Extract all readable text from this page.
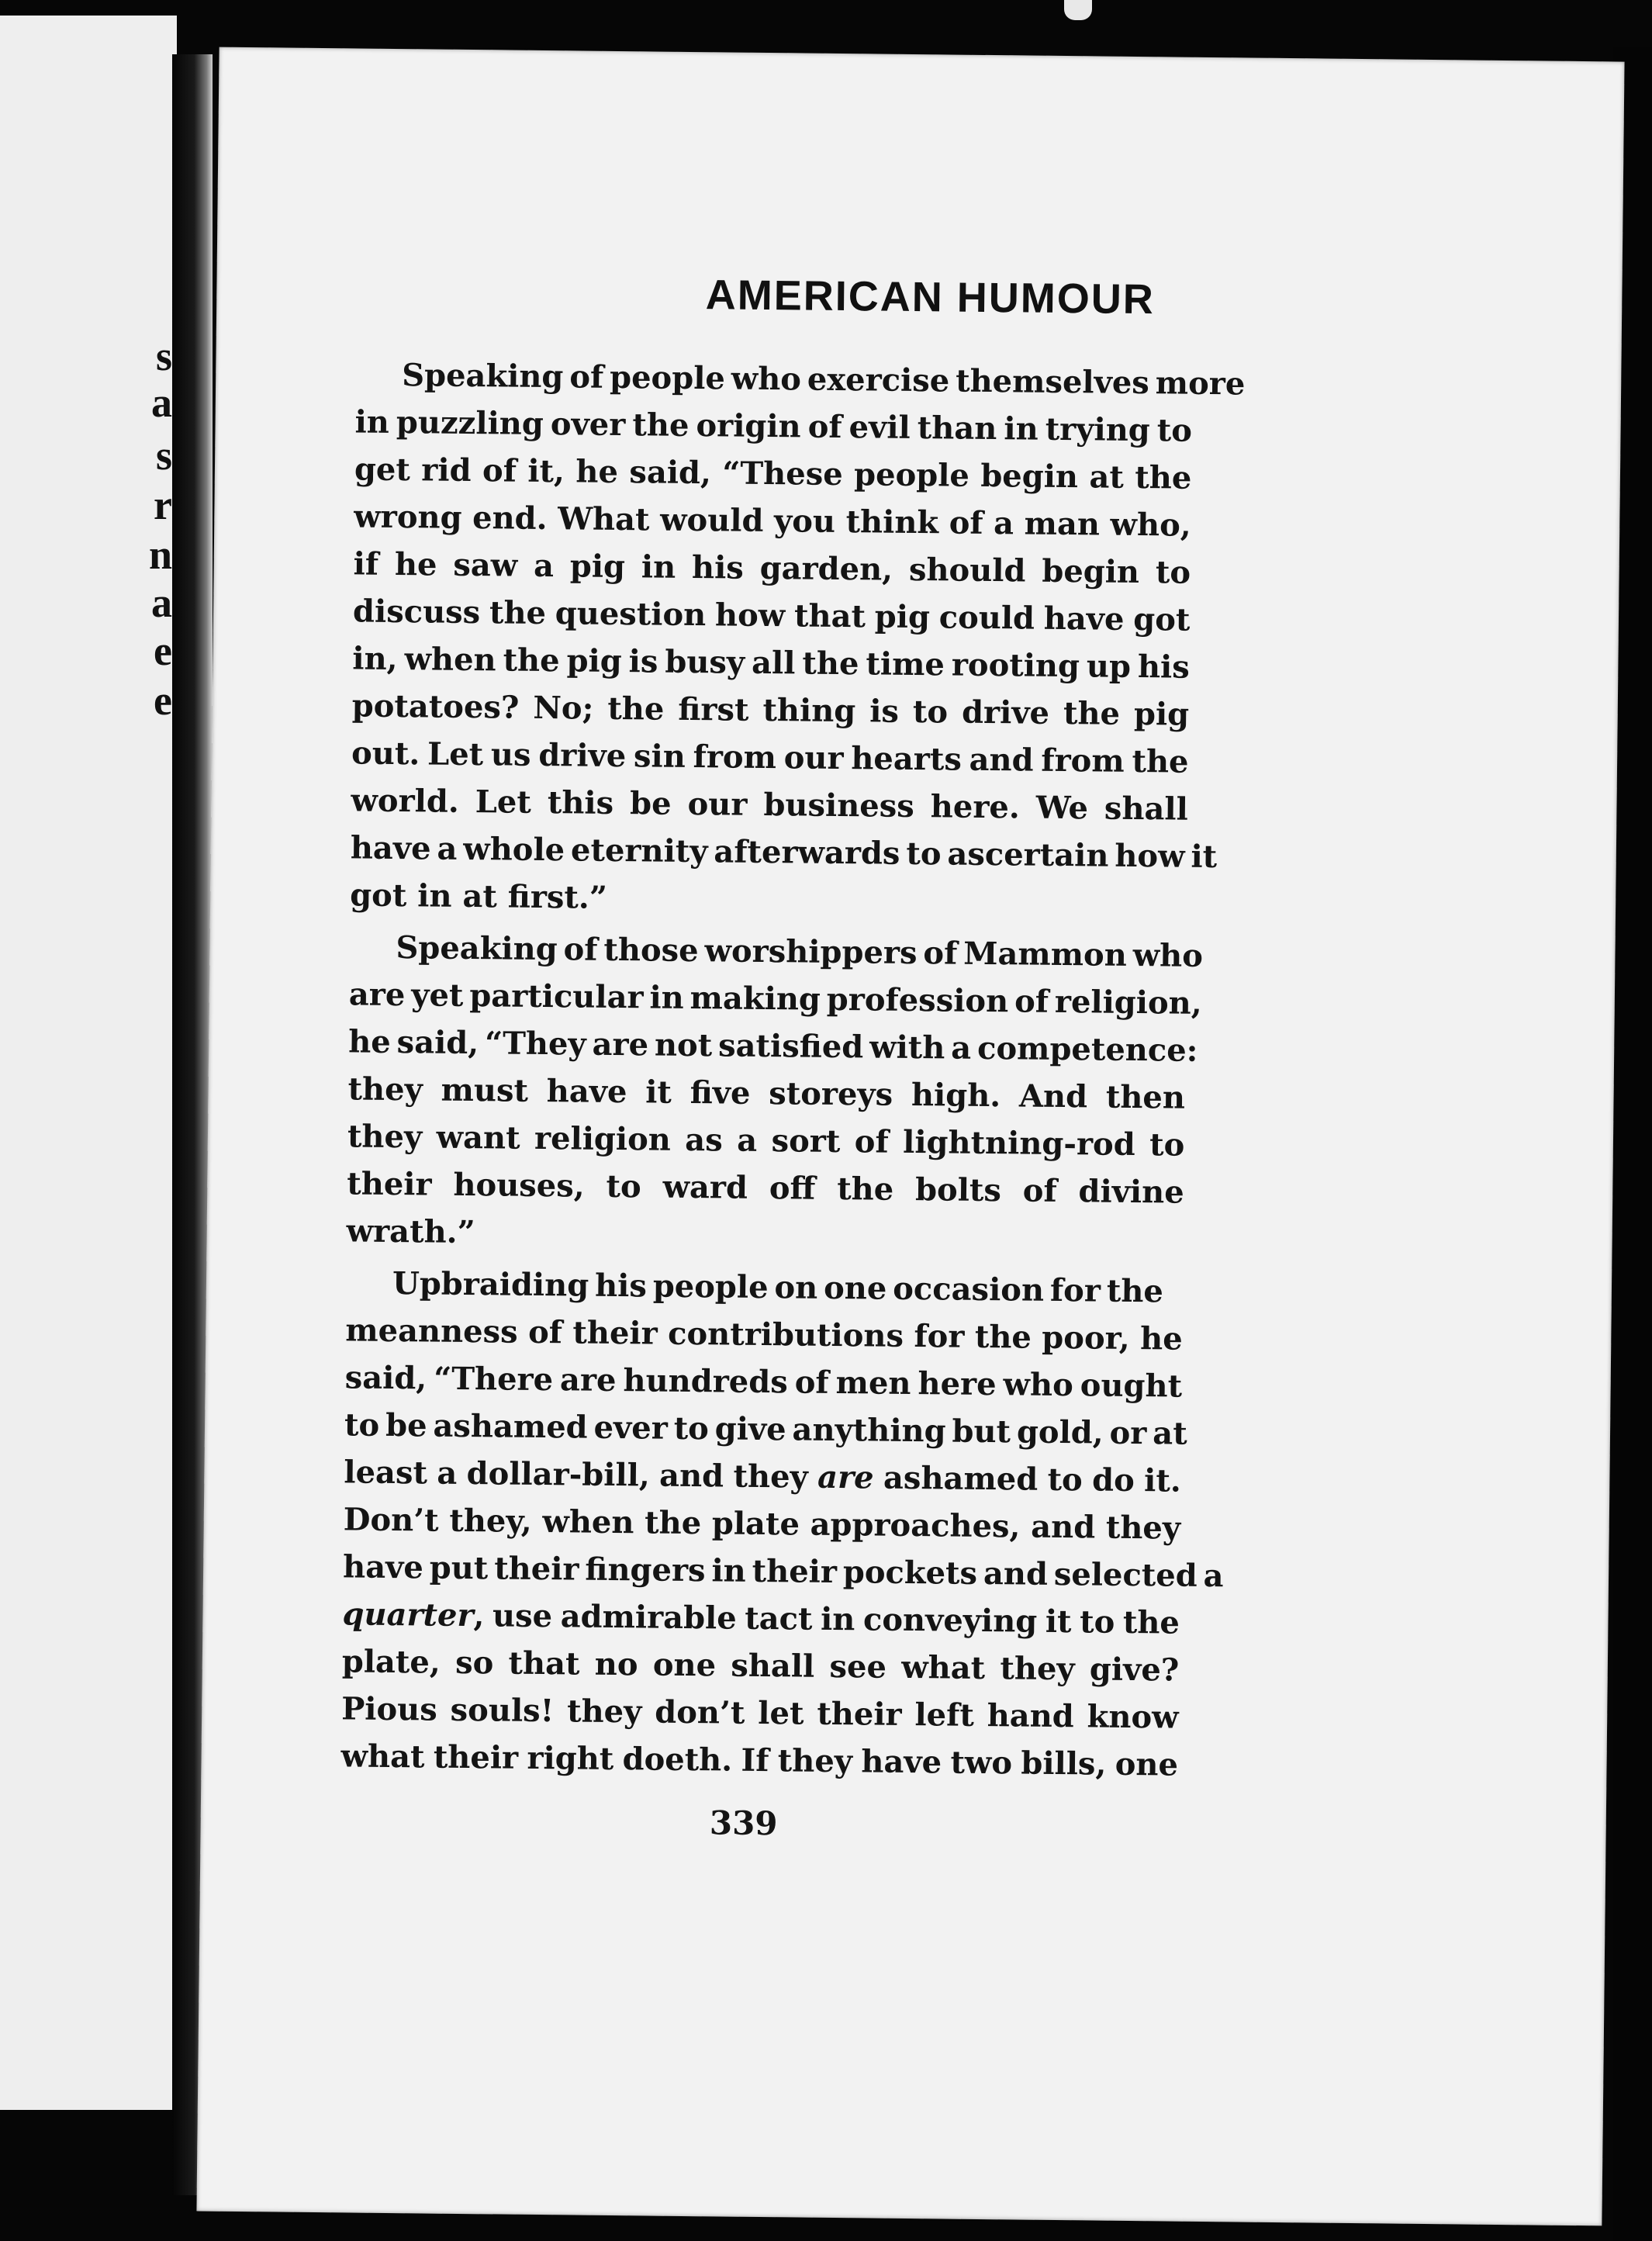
s
a
s
r
n
a
e
e
AMERICAN HUMOUR
Speaking of people who exercise themselves more
in puzzling over the origin of evil than in trying to
get rid of it, he said, “These people begin at the
wrong end. What would you think of a man who,
if he saw a pig in his garden, should begin to
discuss the question how that pig could have got
in, when the pig is busy all the time rooting up his
potatoes? No; the first thing is to drive the pig
out. Let us drive sin from our hearts and from the
world. Let this be our business here. We shall
have a whole eternity afterwards to ascertain how it
got in at first.”
Speaking of those worshippers of Mammon who
are yet particular in making profession of religion,
he said, “They are not satisfied with a competence:
they must have it five storeys high. And then
they want religion as a sort of lightning-rod to
their houses, to ward off the bolts of divine
wrath.”
Upbraiding his people on one occasion for the
meanness of their contributions for the poor, he
said, “There are hundreds of men here who ought
to be ashamed ever to give anything but gold, or at
least a dollar-bill, and they are ashamed to do it.
Don’t they, when the plate approaches, and they
have put their fingers in their pockets and selected a
quarter, use admirable tact in conveying it to the
plate, so that no one shall see what they give?
Pious souls! they don’t let their left hand know
what their right doeth. If they have two bills, one
339
